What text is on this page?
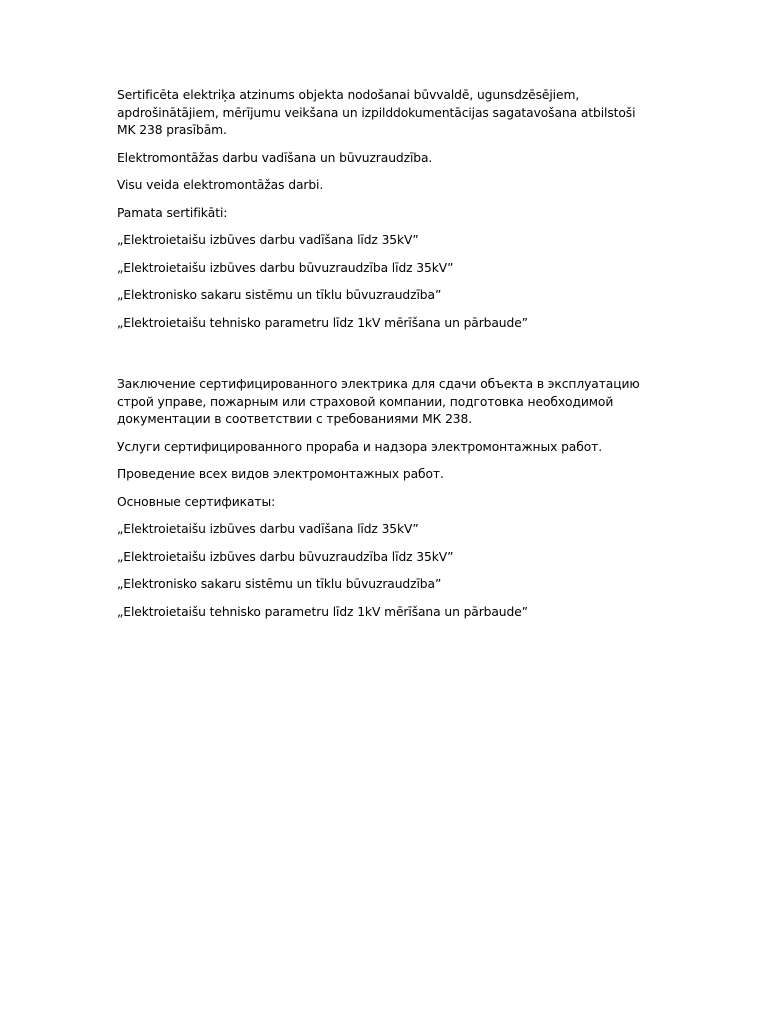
Sertificēta elektriķa atzinums objekta nodošanai būvvaldē, ugunsdzēsējiem, apdrošinātājiem, mērījumu veikšana un izpilddokumentācijas sagatavošana atbilstoši MK 238 prasībām.

Elektromontāžas darbu vadīšana un būvuzraudzība.

Visu veida elektromontāžas darbi.

Pamata sertifikāti:

„Elektroietaišu izbūves darbu vadīšana līdz 35kV”

„Elektroietaišu izbūves darbu būvuzraudzība līdz 35kV”

„Elektronisko sakaru sistēmu un tīklu būvuzraudzība”

„Elektroietaišu tehnisko parametru līdz 1kV mērīšana un pārbaude”

Заключение сертифицированного электрика для сдачи объекта в эксплуатацию строй управе, пожарным или страховой компании, подготовка необходимой документации в соответствии с требованиями МК 238.

Услуги сертифицированного прораба и надзора электромонтажных работ.

Проведение всех видов электромонтажных работ.

Основные сертификаты:

„Elektroietaišu izbūves darbu vadīšana līdz 35kV”

„Elektroietaišu izbūves darbu būvuzraudzība līdz 35kV”

„Elektronisko sakaru sistēmu un tīklu būvuzraudzība”

„Elektroietaišu tehnisko parametru līdz 1kV mērīšana un pārbaude”
